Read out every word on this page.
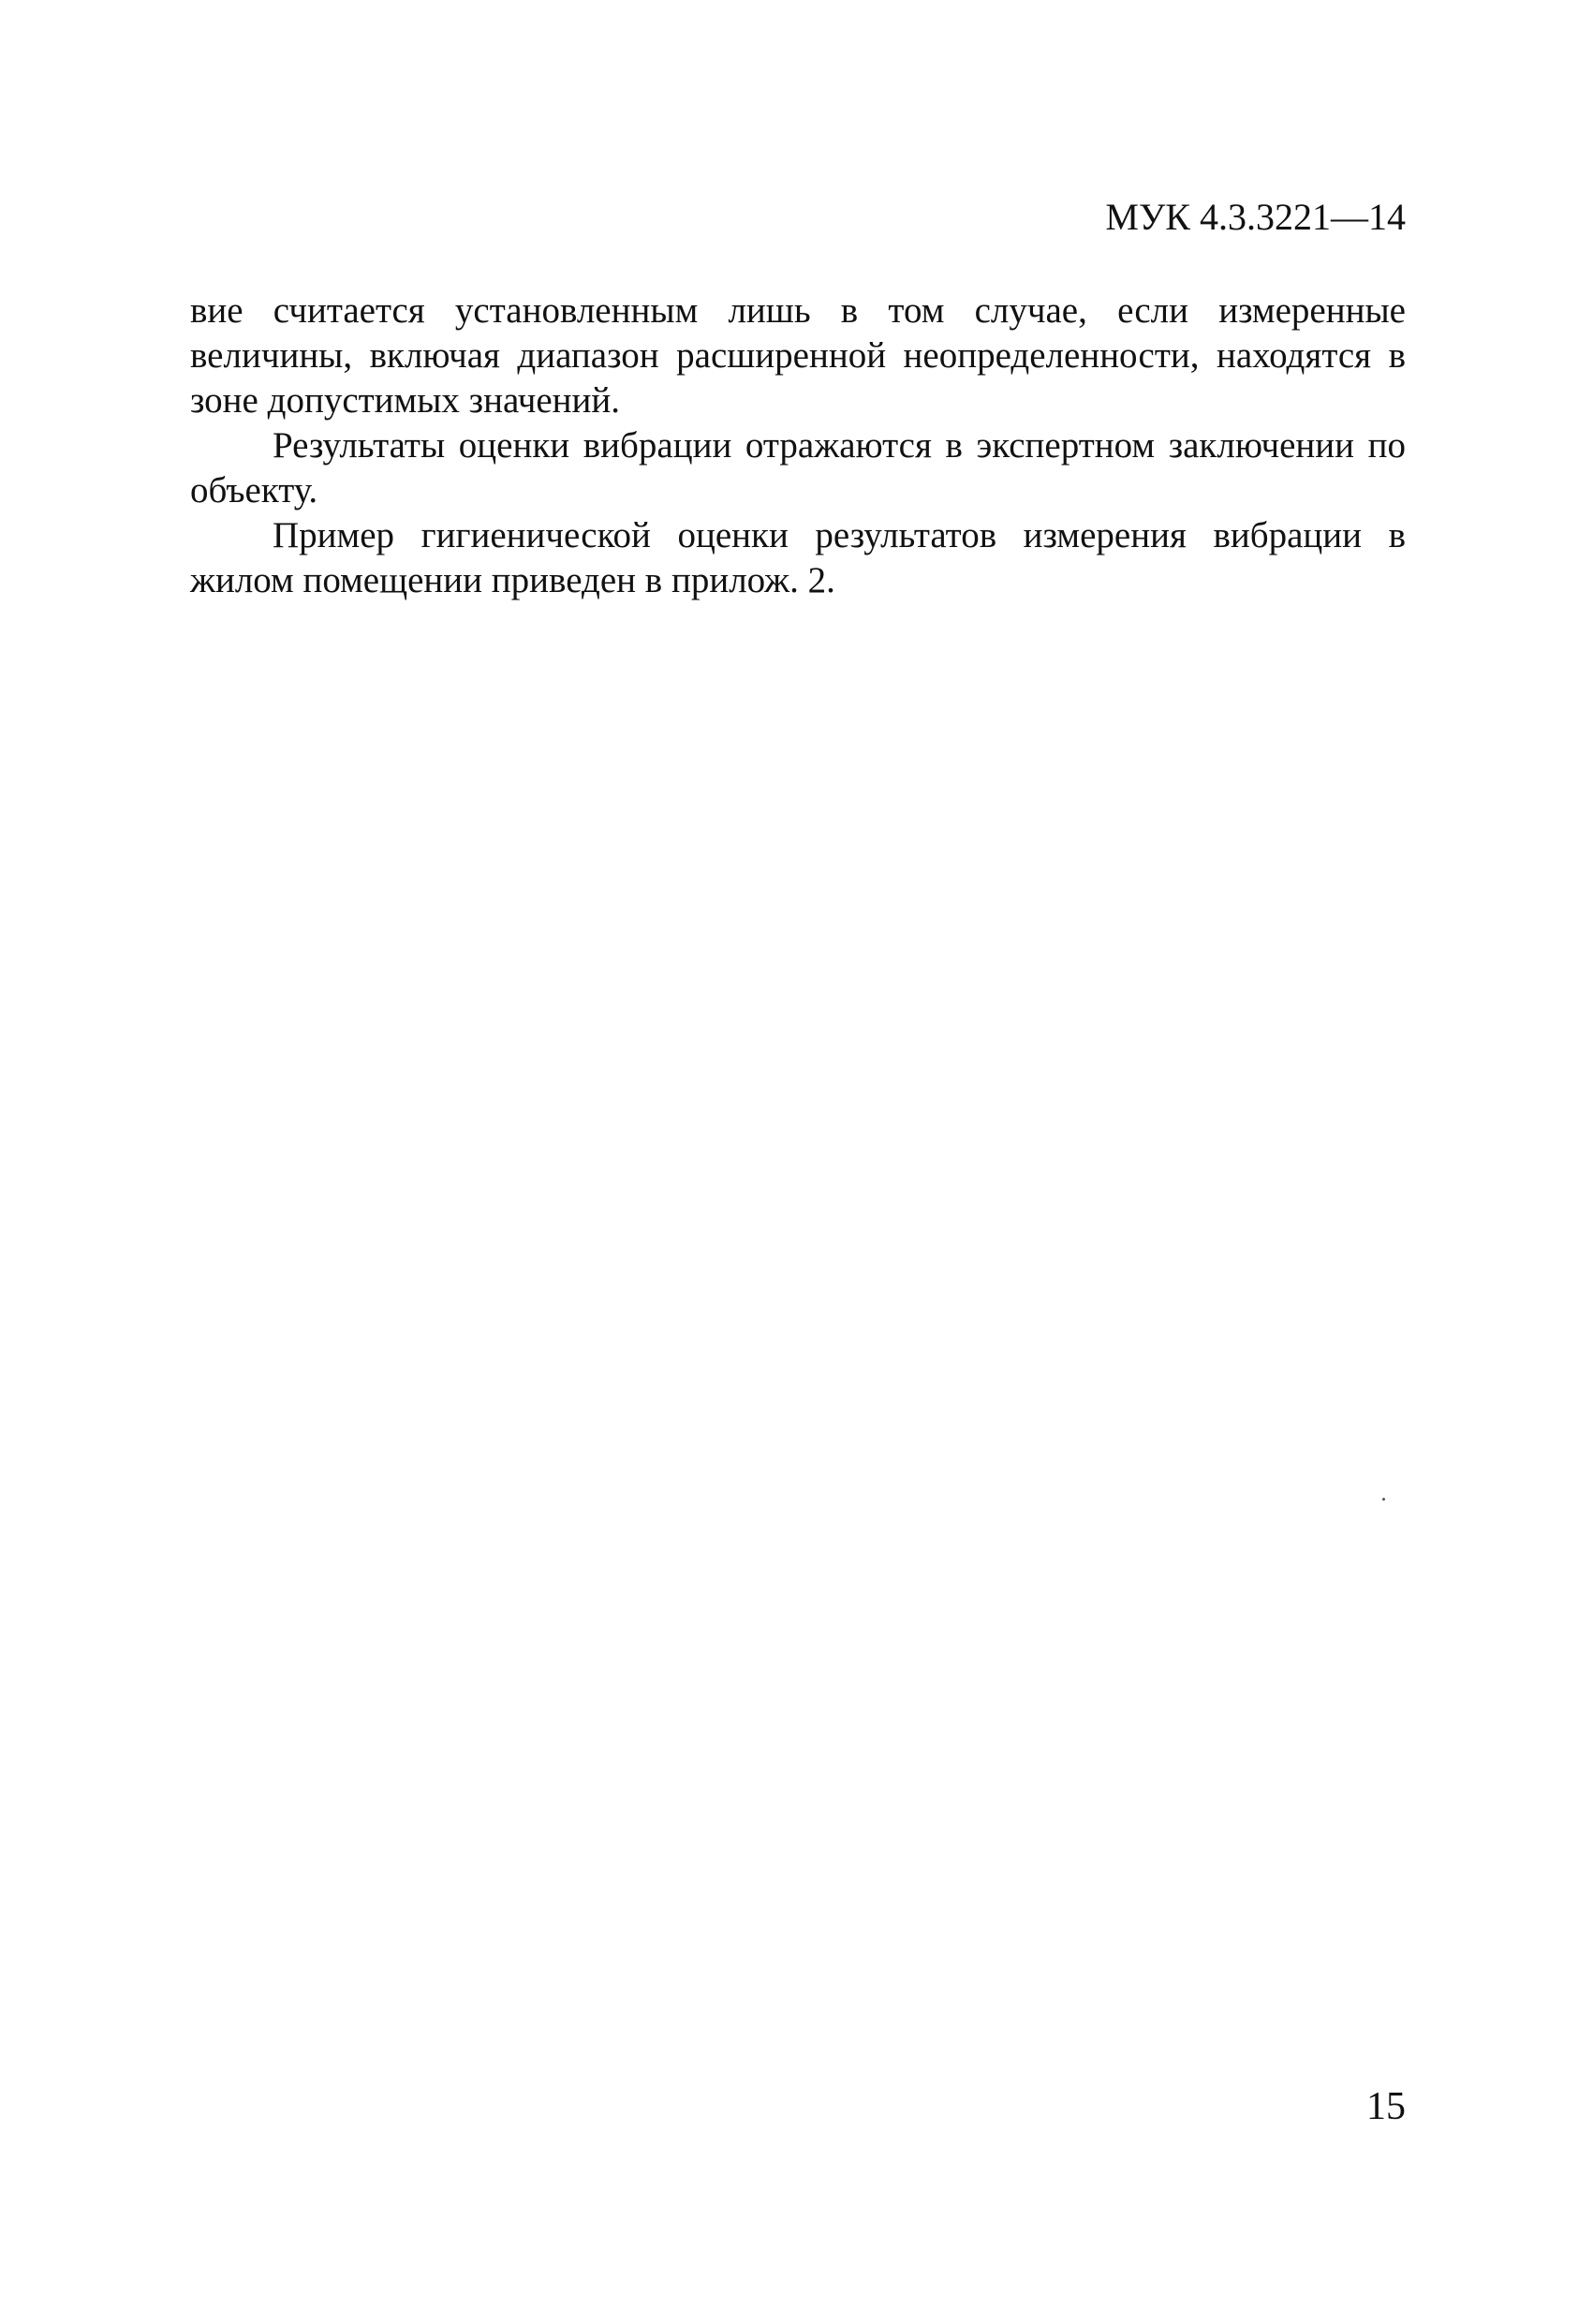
МУК 4.3.3221—14

вие считается установленным лишь в том случае, если измеренные величины, включая диапазон расширенной неопределенности, находятся в зоне допустимых значений.

Результаты оценки вибрации отражаются в экспертном заключении по объекту.

Пример гигиенической оценки результатов измерения вибрации в жилом помещении приведен в прилож. 2.

15
